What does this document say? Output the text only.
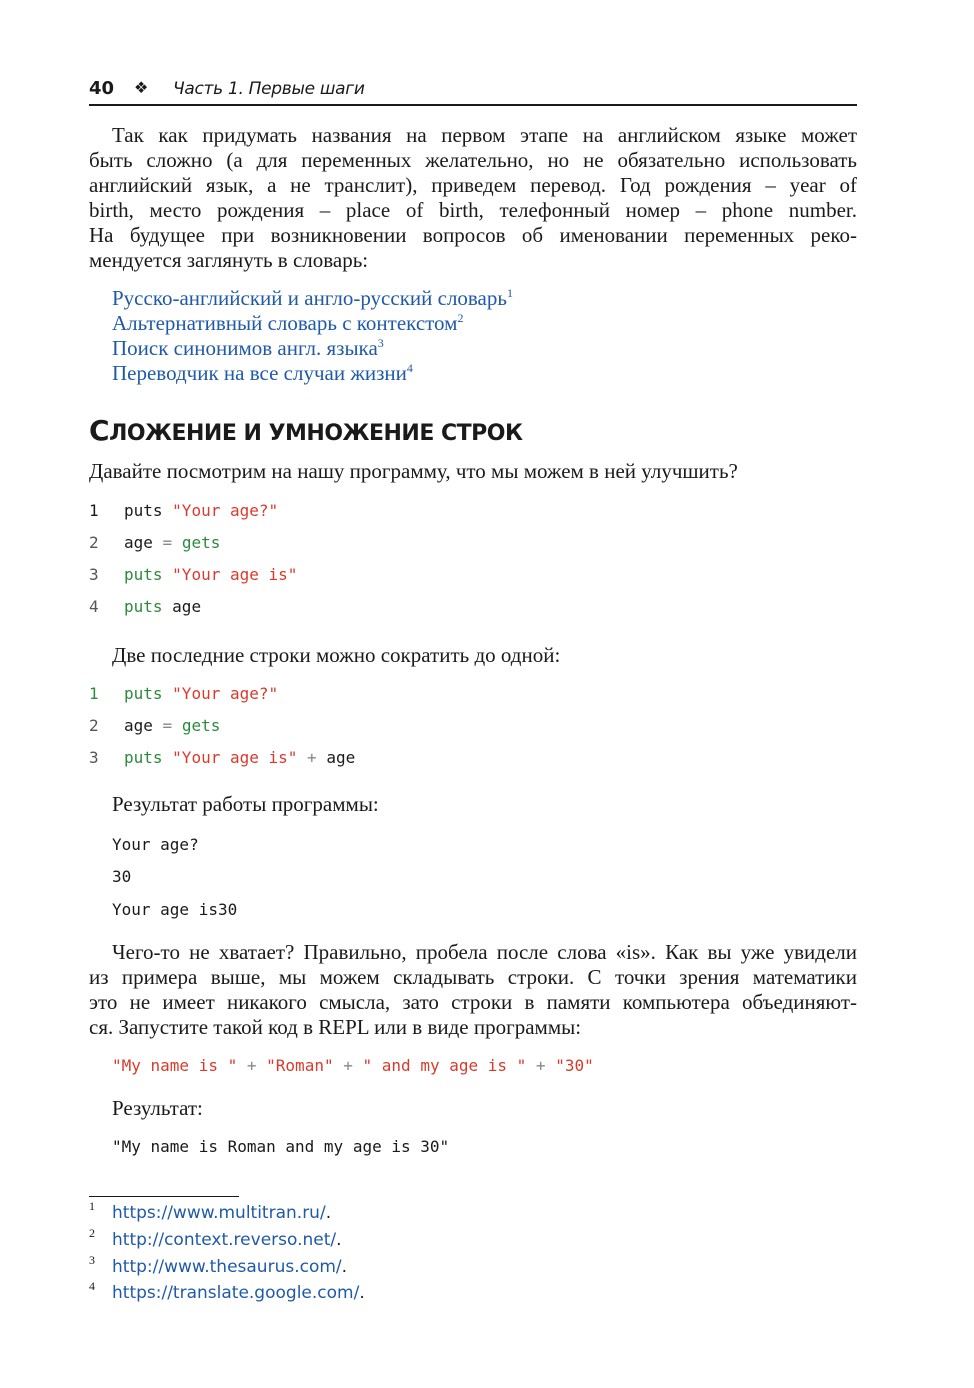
40 ❖ Часть 1. Первые шаги

Так как придумать названия на первом этапе на английском языке может
быть сложно (а для переменных желательно, но не обязательно использовать
английский язык, а не транслит), приведем перевод. Год рождения – year of
birth, место рождения – place of birth, телефонный номер – phone number.
На будущее при возникновении вопросов об именовании переменных реко-
мендуется заглянуть в словарь:

Русско-английский и англо-русский словарь$^1$
Альтернативный словарь с контекстом$^2$
Поиск синонимов англ. языка$^3$
Переводчик на все случаи жизни$^4$
СЛОЖЕНИЕ И УМНОЖЕНИЕ СТРОК
Давайте посмотрим на нашу программу, что мы можем в ней улучшить?
1	puts "Your age?"
2	age = gets
3	puts "Your age is"
4	puts age
Две последние строки можно сократить до одной:
1	puts "Your age?"
2	age = gets
3	puts "Your age is" + age
Результат работы программы:
Your age?
30
Your age is30

Чего-то не хватает? Правильно, пробела после слова «is». Как вы уже увидели
из примера выше, мы можем складывать строки. С точки зрения математики
это не имеет никакого смысла, зато строки в памяти компьютера объединяют-
ся. Запустите такой код в REPL или в виде программы:

"My name is " + "Roman" + " and my age is " + "30"
Результат:
"My name is Roman and my age is 30"
1 https://www.multitran.ru/.
2 http://context.reverso.net/.
3 http://www.thesaurus.com/.
4 https://translate.google.com/.
